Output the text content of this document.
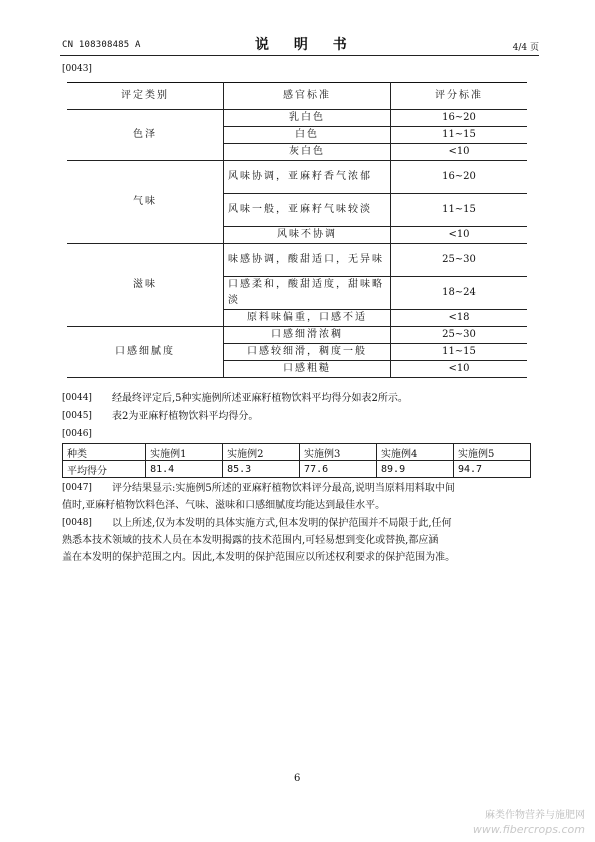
CN 108308485 A	说 明 书	4/4 页
[0043]
评定类别	感官标准	评分标准
色泽	乳白色	16~20
	白色	11~15
	灰白色	<10
气味	风味协调，亚麻籽香气浓郁	16~20
	风味一般，亚麻籽气味较淡	11~15
	风味不协调	<10
滋味	味感协调，酸甜适口，无异味	25~30
	口感柔和，酸甜适度，甜味略淡	18~24
	原料味偏重，口感不适	<18
口感细腻度	口感细滑浓稠	25~30
	口感较细滑，稠度一般	11~15
	口感粗糙	<10
[0044] 经最终评定后,5种实施例所述亚麻籽植物饮料平均得分如表2所示。
[0045] 表2为亚麻籽植物饮料平均得分。
[0046]
种类	实施例1	实施例2	实施例3	实施例4	实施例5
平均得分	81.4	85.3	77.6	89.9	94.7
[0047] 评分结果显示:实施例5所述的亚麻籽植物饮料评分最高,说明当原料用料取中间
值时,亚麻籽植物饮料色泽、气味、滋味和口感细腻度均能达到最佳水平。
[0048] 以上所述,仅为本发明的具体实施方式,但本发明的保护范围并不局限于此,任何
熟悉本技术领域的技术人员在本发明揭露的技术范围内,可轻易想到变化或替换,都应涵
盖在本发明的保护范围之内。因此,本发明的保护范围应以所述权利要求的保护范围为准。
6
麻类作物营养与施肥网
www.fibercrops.com
